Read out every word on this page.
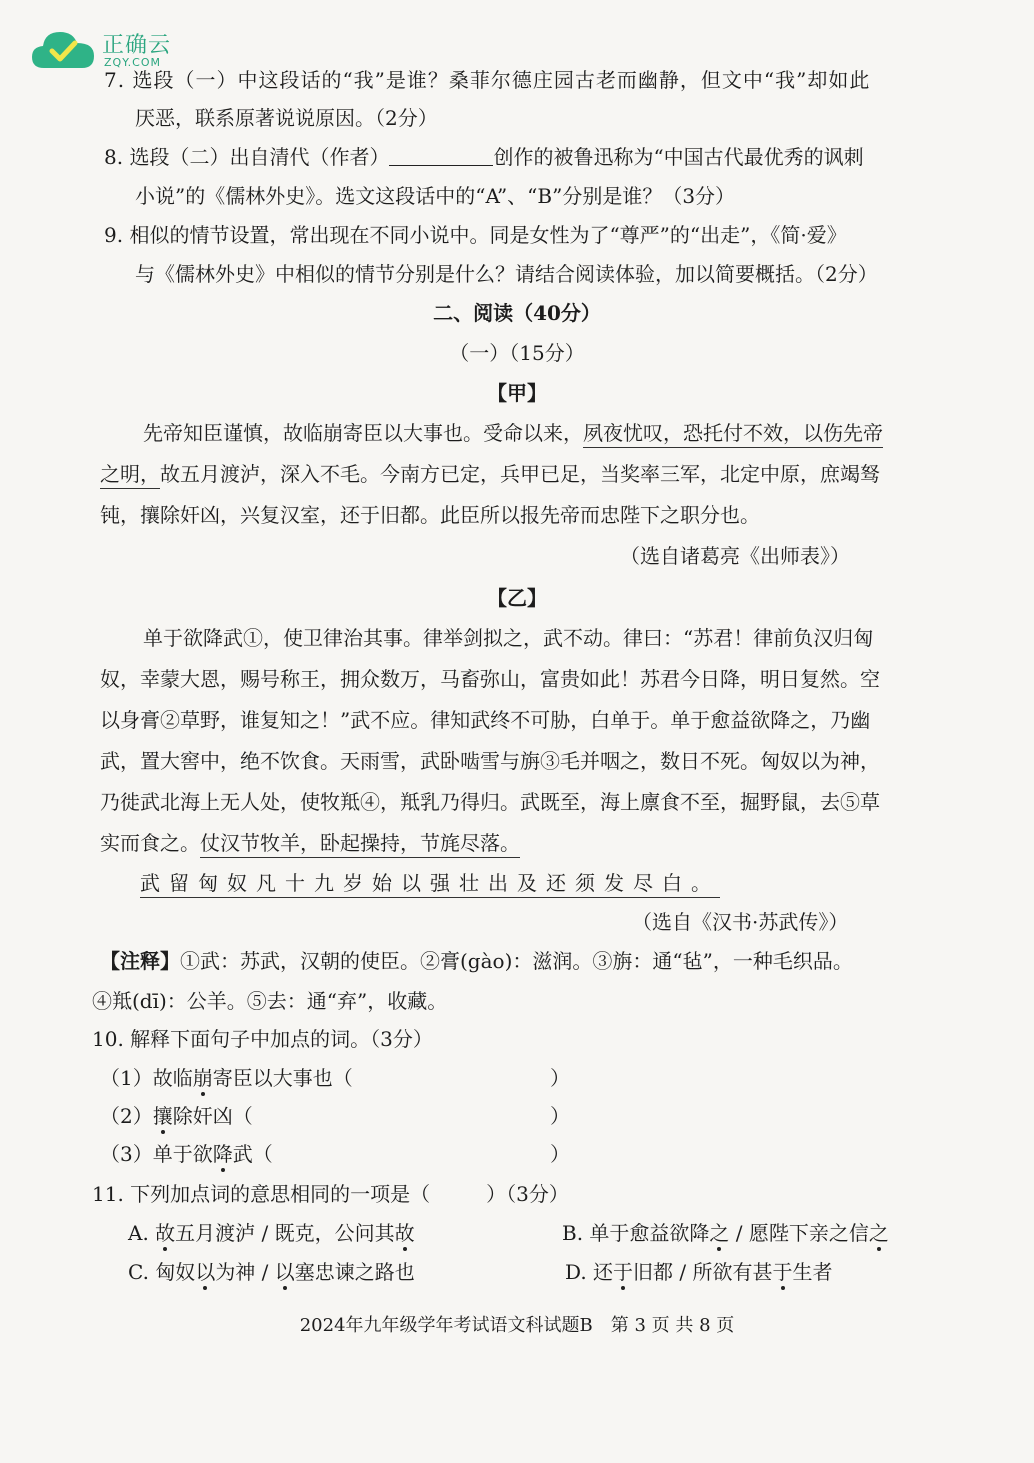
正确云
ZQY.COM
7. 选段（一）中这段话的“我”是谁？桑菲尔德庄园古老而幽静，但文中“我”却如此
厌恶，联系原著说说原因。（2分）
8. 选段（二）出自清代（作者）	创作的被鲁迅称为“中国古代最优秀的讽刺
小说”的《儒林外史》。选文这段话中的“A”、“B”分别是谁？（3分）
9. 相似的情节设置，常出现在不同小说中。同是女性为了“尊严”的“出走”，《简·爱》
与《儒林外史》中相似的情节分别是什么？请结合阅读体验，加以简要概括。（2分）
二、阅读（40分）
（一）（15分）
【甲】
先帝知臣谨慎，故临崩寄臣以大事也。受命以来，夙夜忧叹，恐托付不效，以伤先帝
之明，故五月渡泸，深入不毛。今南方已定，兵甲已足，当奖率三军，北定中原，庶竭驽
钝，攘除奸凶，兴复汉室，还于旧都。此臣所以报先帝而忠陛下之职分也。
（选自诸葛亮《出师表》）
【乙】
单于欲降武①，使卫律治其事。律举剑拟之，武不动。律曰：“苏君！律前负汉归匈
奴，幸蒙大恩，赐号称王，拥众数万，马畜弥山，富贵如此！苏君今日降，明日复然。空
以身膏②草野，谁复知之！”武不应。律知武终不可胁，白单于。单于愈益欲降之，乃幽
武，置大窖中，绝不饮食。天雨雪，武卧啮雪与旃③毛并咽之，数日不死。匈奴以为神，
乃徙武北海上无人处，使牧羝④，羝乳乃得归。武既至，海上廪食不至，掘野鼠，去⑤草
实而食之。仗汉节牧羊，卧起操持，节旄尽落。
武留匈奴凡十九岁始以强壮出及还须发尽白。
（选自《汉书·苏武传》）
【注释】①武：苏武，汉朝的使臣。②膏(gào)：滋润。③旃：通“毡”，一种毛织品。
④羝(dī)：公羊。⑤去：通“弃”，收藏。
10. 解释下面句子中加点的词。（3分）
（1）故临崩寄臣以大事也（	）
（2）攘除奸凶（	）
（3）单于欲降武（	）
11. 下列加点词的意思相同的一项是（	）（3分）
A. 故五月渡泸 / 既克，公问其故	B. 单于愈益欲降之 / 愿陛下亲之信之
C. 匈奴以为神 / 以塞忠谏之路也	D. 还于旧都 / 所欲有甚于生者
2024年九年级学年考试语文科试题B　第 3 页 共 8 页
